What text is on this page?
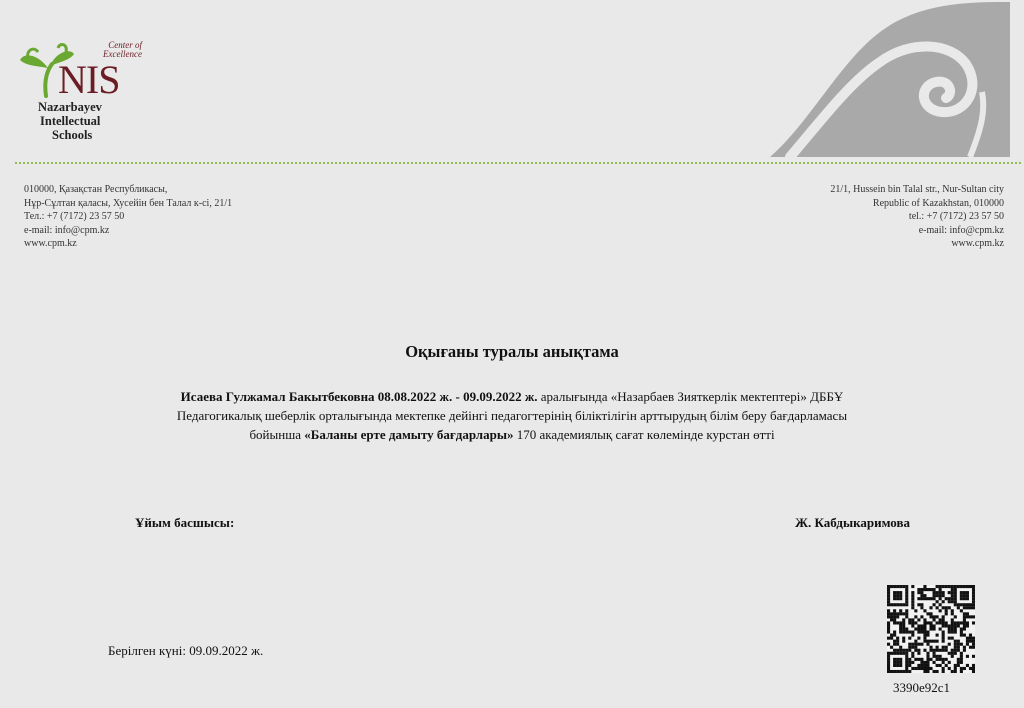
Center of Excellence
NIS
Nazarbayev
Intellectual
Schools
010000, Қазақстан Республикасы,
Нұр-Сұлтан қаласы, Хусейін бен Талал к-сі, 21/1
Тел.: +7 (7172) 23 57 50
e-mail: info@cpm.kz
www.cpm.kz
21/1, Hussein bin Talal str., Nur-Sultan city
Republic of Kazakhstan, 010000
tel.: +7 (7172) 23 57 50
e-mail: info@cpm.kz
www.cpm.kz
Оқығаны туралы анықтама
Исаева Гулжамал Бакытбековна 08.08.2022 ж. - 09.09.2022 ж. аралығында «Назарбаев Зияткерлік мектептері» ДББҰ
Педагогикалық шеберлік орталығында мектепке дейінгі педагогтерінің біліктілігін арттырудың білім беру бағдарламасы
бойынша «Баланы ерте дамыту бағдарлары» 170 академиялық сағат көлемінде курстан өтті
Ұйым басшысы:	Ж. Кабдыкаримова
Берілген күні: 09.09.2022 ж.
3390e92c1
